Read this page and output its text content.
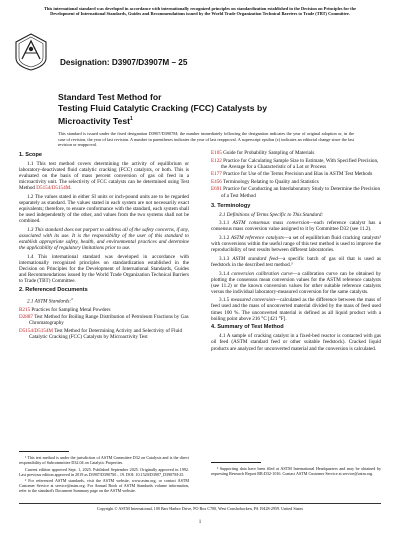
This international standard was developed in accordance with internationally recognized principles on standardization established in the Decision on Principles for the
Development of International Standards, Guides and Recommendations issued by the World Trade Organization Technical Barriers to Trade (TBT) Committee.
Designation: D3907/D3907M – 25
Standard Test Method for
Testing Fluid Catalytic Cracking (FCC) Catalysts by
Microactivity Test$^1$
This standard is issued under the fixed designation D3907/D3907M; the number immediately following the designation indicates the year of original adoption or, in the case of revision, the year of last revision. A number in parentheses indicates the year of last reapproval. A superscript epsilon (ε) indicates an editorial change since the last revision or reapproval.
1. Scope

1.1 This test method covers determining the activity of equilibrium or laboratory-deactivated fluid catalytic cracking (FCC) catalysts, or both. This is evaluated on the basis of mass percent conversion of gas oil feed in a microactivity unit. The selectivity of FCC catalysts can be determined using Test Method D5154/D5154M.

1.2 The values stated in either SI units or inch-pound units are to be regarded separately as standard. The values stated in each system are not necessarily exact equivalents; therefore, to ensure conformance with the standard, each system shall be used independently of the other, and values from the two systems shall not be combined.

1.3 This standard does not purport to address all of the safety concerns, if any, associated with its use. It is the responsibility of the user of this standard to establish appropriate safety, health, and environmental practices and determine the applicability of regulatory limitations prior to use.

1.4 This international standard was developed in accordance with internationally recognized principles on standardization established in the Decision on Principles for the Development of International Standards, Guides and Recommendations issued by the World Trade Organization Technical Barriers to Trade (TBT) Committee.

2. Referenced Documents
2.1 ASTM Standards:$^2$
B215 Practices for Sampling Metal Powders
D2887 Test Method for Boiling Range Distribution of Petroleum Fractions by Gas Chromatography
D5154/D5154M Test Method for Determining Activity and Selectivity of Fluid Catalytic Cracking (FCC) Catalysts by Microactivity Test

¹ This test method is under the jurisdiction of ASTM Committee D32 on Catalysts and is the direct responsibility of Subcommittee D32.04 on Catalytic Properties.

Current edition approved Sept. 1, 2025. Published September 2025. Originally approved in 1992. Last previous edition approved in 2019 as D3907/D3907M – 19. DOI: 10.1520/D3907_D3907M-25.

² For referenced ASTM standards, visit the ASTM website, www.astm.org, or contact ASTM Customer Service at service@astm.org. For Annual Book of ASTM Standards volume information, refer to the standard's Document Summary page on the ASTM website.

E105 Guide for Probability Sampling of Materials
E122 Practice for Calculating Sample Size to Estimate, With Specified Precision, the Average for a Characteristic of a Lot or Process
E177 Practice for Use of the Terms Precision and Bias in ASTM Test Methods
E456 Terminology Relating to Quality and Statistics
E691 Practice for Conducting an Interlaboratory Study to Determine the Precision of a Test Method
3. Terminology

3.1 Definitions of Terms Specific to This Standard:

3.1.1 ASTM consensus mass conversion—each reference catalyst has a consensus mass conversion value assigned to it by Committee D32 (see 11.2).

3.1.2 ASTM reference catalysts—a set of equilibrium fluid cracking catalysts³ with conversions within the useful range of this test method is used to improve the reproducibility of test results between different laboratories.

3.1.3 ASTM standard feed—a specific batch of gas oil that is used as feedstock in the described test method.³

3.1.4 conversion calibration curve—a calibration curve can be obtained by plotting the consensus mean conversion values for the ASTM reference catalysts (see 11.2) or the known conversion values for other suitable reference catalysts versus the individual laboratory-measured conversion for the same catalysts.

3.1.5 measured conversion—calculated as the difference between the mass of feed used and the mass of unconverted material divided by the mass of feed used times 100 %. The unconverted material is defined as all liquid product with a boiling point above 216 °C [421 °F].

4. Summary of Test Method

4.1 A sample of cracking catalyst in a fixed-bed reactor is contacted with gas oil feed (ASTM standard feed or other suitable feedstock). Cracked liquid products are analyzed for unconverted material and the conversion is calculated.

³ Supporting data have been filed at ASTM International Headquarters and may be obtained by requesting Research Report RR:D32-1016. Contact ASTM Customer Service at service@astm.org.

Copyright © ASTM International, 100 Barr Harbor Drive, PO Box C700, West Conshohocken, PA 19428-2959. United States
1
